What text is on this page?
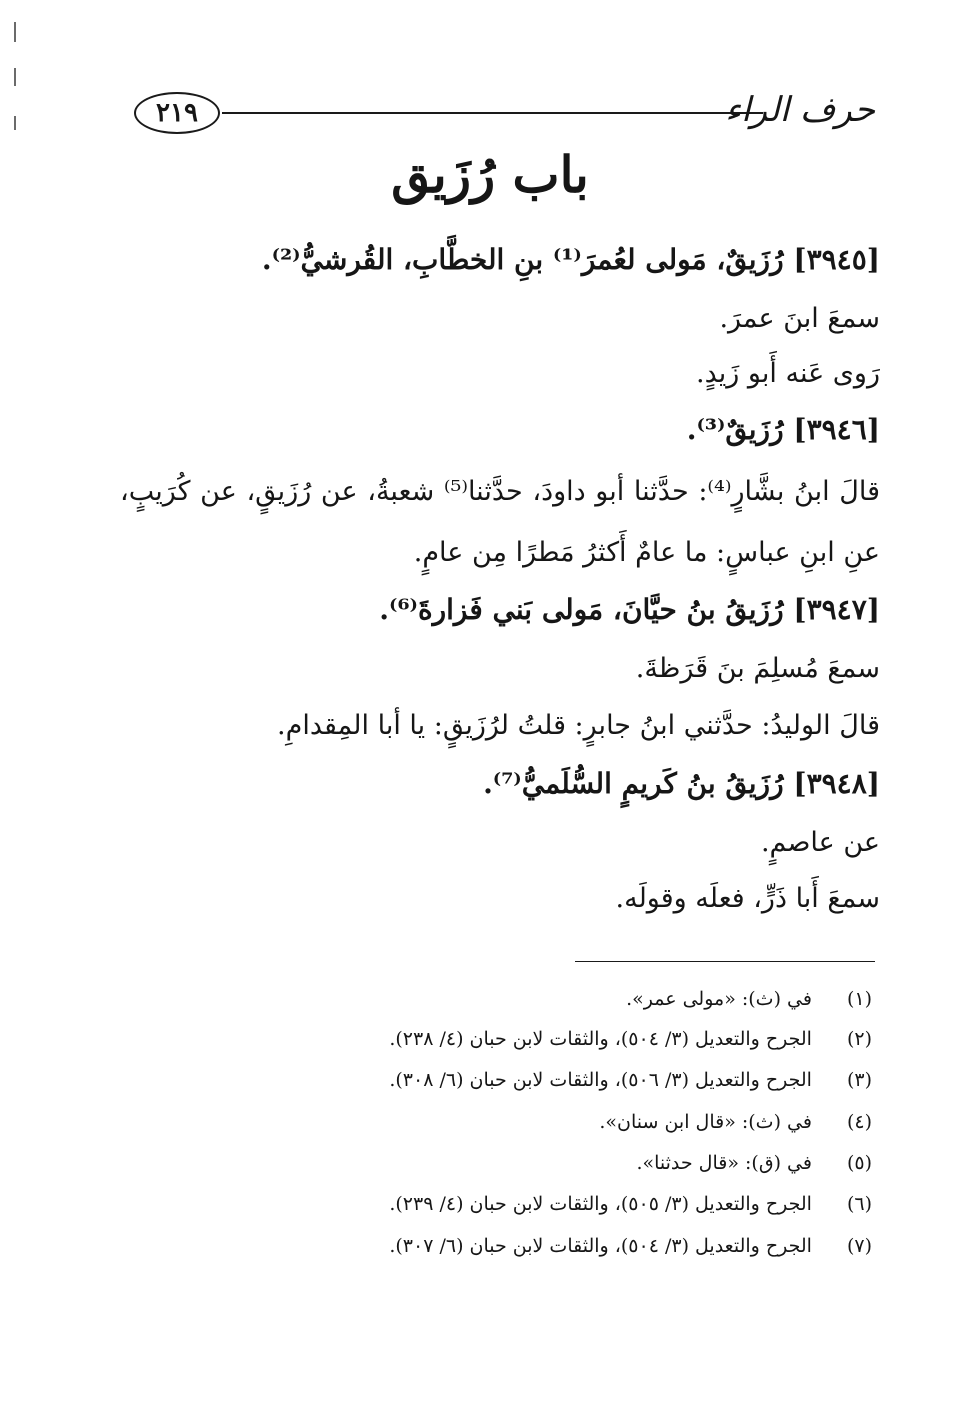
٢١٩	حرف الراء
باب رُزَيق
[٣٩٤٥] رُزَيقٌ، مَولى لعُمرَ⁽¹⁾ بنِ الخطَّابِ، القُرشيُّ⁽²⁾.
سمعَ ابنَ عمرَ.
رَوى عَنه أَبو زَيدٍ.
[٣٩٤٦] رُزَيقٌ⁽³⁾.
قالَ ابنُ بشَّارٍ⁽⁴⁾: حدَّثنا أبو داودَ، حدَّثنا⁽⁵⁾ شعبةُ، عن رُزَيقٍ، عن كُرَيبٍ،
عنِ ابنِ عباسٍ: ما عامٌ أَكثرُ مَطرًا مِن عامٍ.
[٣٩٤٧] رُزَيقُ بنُ حيَّانَ، مَولى بَني فَزارةَ⁽⁶⁾.
سمعَ مُسلِمَ بنَ قَرَظةَ.
قالَ الوليدُ: حدَّثني ابنُ جابرٍ: قلتُ لرُزَيقٍ: يا أبا المِقدامِ.
[٣٩٤٨] رُزَيقُ بنُ كَريمٍ السُّلَميُّ⁽⁷⁾.
عن عاصمٍ.
سمعَ أَبا ذَرٍّ، فعلَه وقولَه.
(١) في (ث): «مولى عمر».
(٢) الجرح والتعديل (٣/ ٥٠٤)، والثقات لابن حبان (٤/ ٢٣٨).
(٣) الجرح والتعديل (٣/ ٥٠٦)، والثقات لابن حبان (٦/ ٣٠٨).
(٤) في (ث): «قال ابن سنان».
(٥) في (ق): «قال حدثنا».
(٦) الجرح والتعديل (٣/ ٥٠٥)، والثقات لابن حبان (٤/ ٢٣٩).
(٧) الجرح والتعديل (٣/ ٥٠٤)، والثقات لابن حبان (٦/ ٣٠٧).
